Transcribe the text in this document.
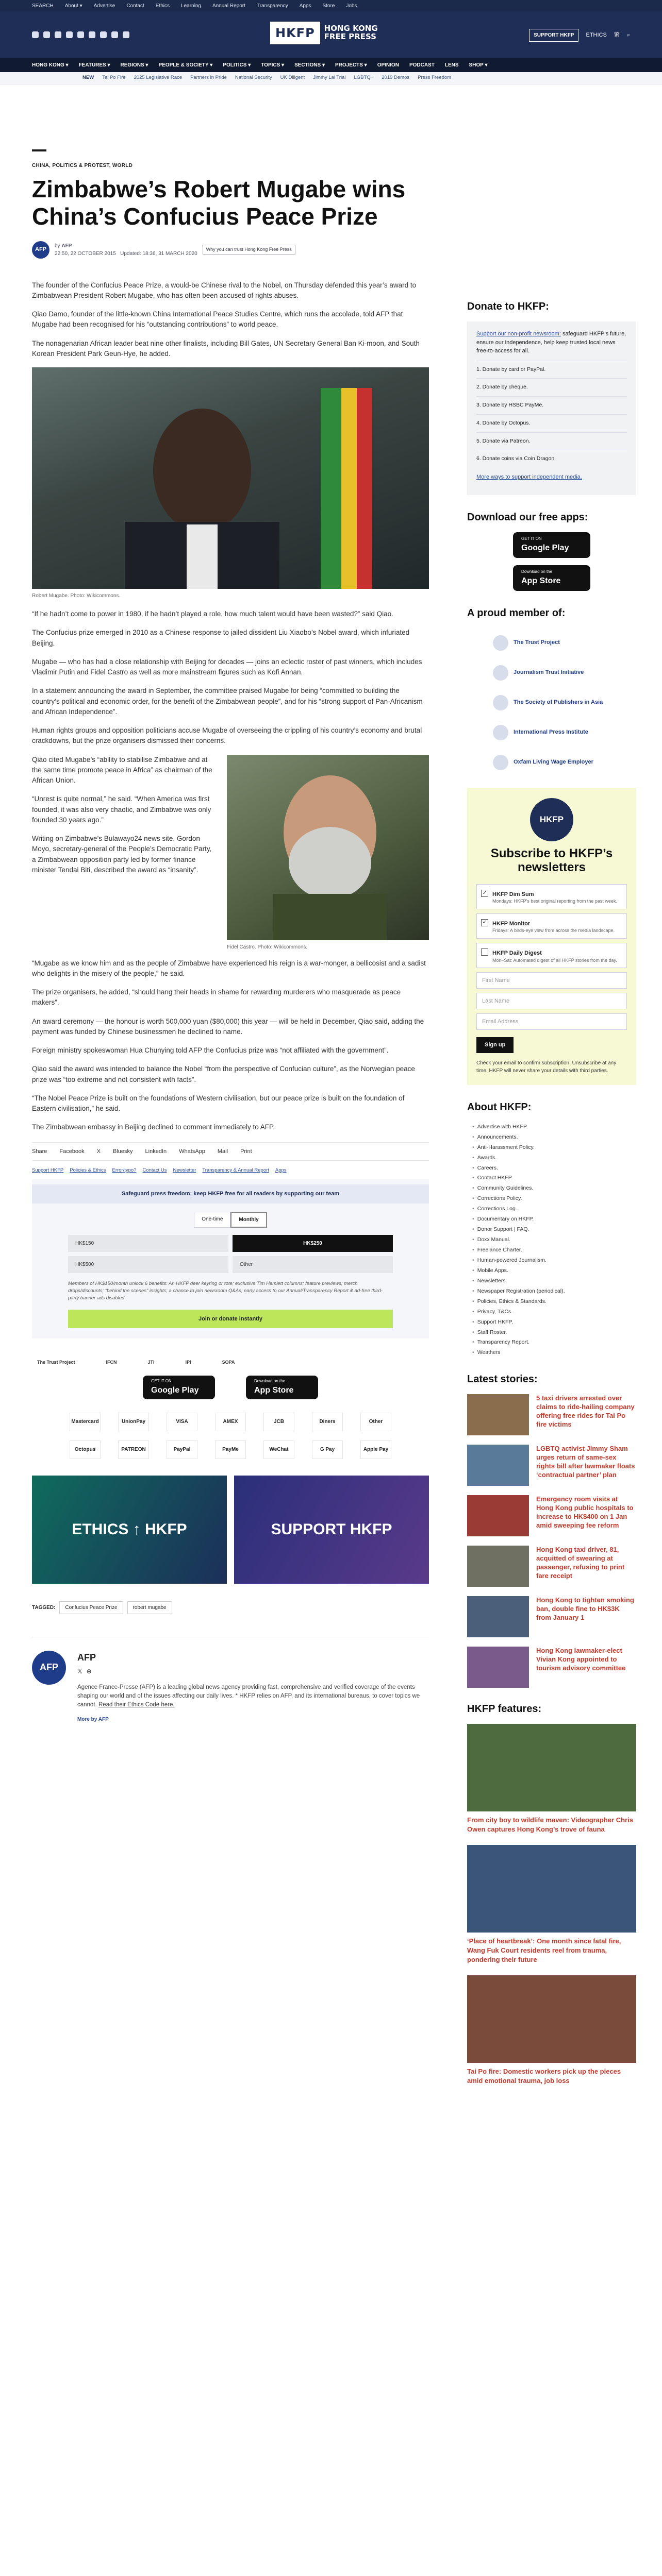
SEARCH About ▾ Advertise Contact Ethics Learning Annual Report Transparency Apps Store Jobs
HKFP	HONG KONG
FREE PRESS	SUPPORT HKFP	ETHICS 繁 ⌕
HONG KONG ▾ FEATURES ▾ REGIONS ▾ PEOPLE & SOCIETY ▾ POLITICS ▾ TOPICS ▾ SECTIONS ▾ PROJECTS ▾ OPINION PODCAST LENS SHOP ▾
NEW Tai Po Fire 2025 Legislative Race Partners in Pride National Security UK Diligent Jimmy Lai Trial LGBTQ+ 2019 Demos Press Freedom
CHINA, POLITICS & PROTEST, WORLD
Zimbabwe’s Robert Mugabe wins China’s Confucius Peace Prize
AFP
by AFP
22:50, 22 OCTOBER 2015 Updated: 18:36, 31 MARCH 2020
Why you can trust Hong Kong Free Press

The founder of the Confucius Peace Prize, a would-be Chinese rival to the Nobel, on Thursday defended this year’s award to Zimbabwean President Robert Mugabe, who has often been accused of rights abuses.

Qiao Damo, founder of the little-known China International Peace Studies Centre, which runs the accolade, told AFP that Mugabe had been recognised for his “outstanding contributions” to world peace.

The nonagenarian African leader beat nine other finalists, including Bill Gates, UN Secretary General Ban Ki-moon, and South Korean President Park Geun-Hye, he added.

Robert Mugabe. Photo: Wikicommons.

“If he hadn’t come to power in 1980, if he hadn’t played a role, how much talent would have been wasted?” said Qiao.

The Confucius prize emerged in 2010 as a Chinese response to jailed dissident Liu Xiaobo’s Nobel award, which infuriated Beijing.

Mugabe — who has had a close relationship with Beijing for decades — joins an eclectic roster of past winners, which includes Vladimir Putin and Fidel Castro as well as more mainstream figures such as Kofi Annan.

In a statement announcing the award in September, the committee praised Mugabe for being “committed to building the country’s political and economic order, for the benefit of the Zimbabwean people”, and for his “strong support of Pan-Africanism and African Independence”.

Human rights groups and opposition politicians accuse Mugabe of overseeing the crippling of his country’s economy and brutal crackdowns, but the prize organisers dismissed their concerns.

Fidel Castro. Photo: Wikicommons.

Qiao cited Mugabe’s “ability to stabilise Zimbabwe and at the same time promote peace in Africa” as chairman of the African Union.

“Unrest is quite normal,” he said. “When America was first founded, it was also very chaotic, and Zimbabwe was only founded 30 years ago.”

Writing on Zimbabwe’s Bulawayo24 news site, Gordon Moyo, secretary-general of the People’s Democratic Party, a Zimbabwean opposition party led by former finance minister Tendai Biti, described the award as “insanity”.

“Mugabe as we know him and as the people of Zimbabwe have experienced his reign is a war-monger, a bellicosist and a sadist who delights in the misery of the people,” he said.

The prize organisers, he added, “should hang their heads in shame for rewarding murderers who masquerade as peace makers”.

An award ceremony — the honour is worth 500,000 yuan ($80,000) this year — will be held in December, Qiao said, adding the payment was funded by Chinese businessmen he declined to name.

Foreign ministry spokeswoman Hua Chunying told AFP the Confucius prize was “not affiliated with the government”.

Qiao said the award was intended to balance the Nobel “from the perspective of Confucian culture”, as the Norwegian peace prize was “too extreme and not consistent with facts”.

“The Nobel Peace Prize is built on the foundations of Western civilisation, but our peace prize is built on the foundation of Eastern civilisation,” he said.

The Zimbabwean embassy in Beijing declined to comment immediately to AFP.

Share Facebook X Bluesky LinkedIn WhatsApp Mail Print
Support HKFP Policies & Ethics Error/typo? Contact Us Newsletter Transparency & Annual Report Apps
Safeguard press freedom; keep HKFP free for all readers by supporting our team
One-time	Monthly
HK$150	HK$250
HK$500	Other
Members of HK$150/month unlock 6 benefits: An HKFP deer keyring or tote; exclusive Tim Hamlett columns; feature previews; merch drops/discounts; “behind the scenes” insights; a chance to join newsroom Q&As; early access to our Annual/Transparency Report & ad-free third-party banner ads disabled.
Join or donate instantly
The Trust Project	IFCN	JTI	IPI	SOPA
GET IT ON
Google Play
Download on the
App Store
Mastercard	UnionPay	VISA	AMEX	JCB	Diners	Other
Octopus	PATREON	PayPal	PayMe	WeChat	G Pay	Apple Pay
ETHICS ↑ HKFP	SUPPORT HKFP
TAGGED:	Confucius Peace Prize	robert mugabe
AFP
AFP
𝕏 ⊕

Agence France-Presse (AFP) is a leading global news agency providing fast, comprehensive and verified coverage of the events shaping our world and of the issues affecting our daily lives. * HKFP relies on AFP, and its international bureaus, to cover topics we cannot. Read their Ethics Code here.

More by AFP
Donate to HKFP:

Support our non-profit newsroom: safeguard HKFP’s future, ensure our independence, help keep trusted local news free-to-access for all.

1. Donate by card or PayPal.
2. Donate by cheque.
3. Donate by HSBC PayMe.
4. Donate by Octopus.
5. Donate via Patreon.
6. Donate coins via Coin Dragon.

More ways to support independent media.

Download our free apps:
GET IT ON
Google Play
Download on the
App Store
A proud member of:
The Trust Project
Journalism Trust Initiative
The Society of Publishers in Asia
International Press Institute
Oxfam Living Wage Employer
HKFP
Subscribe to HKFP’s newsletters
✓ HKFP Dim Sum
Mondays: HKFP’s best original reporting from the past week.
✓ HKFP Monitor
Fridays: A birds-eye view from across the media landscape.
HKFP Daily Digest
Mon–Sat: Automated digest of all HKFP stories from the day.
First Name
Last Name
Email Address
Sign up
Check your email to confirm subscription. Unsubscribe at any time. HKFP will never share your details with third parties.
About HKFP:
• Advertise with HKFP.
• Announcements.
• Anti-Harassment Policy.
• Awards.
• Careers.
• Contact HKFP.
• Community Guidelines.
• Corrections Policy.
• Corrections Log.
• Documentary on HKFP.
• Donor Support | FAQ.
• Doxx Manual.
• Freelance Charter.
• Human-powered Journalism.
• Mobile Apps.
• Newsletters.
• Newspaper Registration (periodical).
• Policies, Ethics & Standards.
• Privacy, T&Cs.
• Support HKFP.
• Staff Roster.
• Transparency Report.
• Weathers
Latest stories:
5 taxi drivers arrested over claims to ride-hailing company offering free rides for Tai Po fire victims
LGBTQ activist Jimmy Sham urges return of same-sex rights bill after lawmaker floats ‘contractual partner’ plan
Emergency room visits at Hong Kong public hospitals to increase to HK$400 on 1 Jan amid sweeping fee reform
Hong Kong taxi driver, 81, acquitted of swearing at passenger, refusing to print fare receipt
Hong Kong to tighten smoking ban, double fine to HK$3K from January 1
Hong Kong lawmaker-elect Vivian Kong appointed to tourism advisory committee
HKFP features:
From city boy to wildlife maven: Videographer Chris Owen captures Hong Kong’s trove of fauna
‘Place of heartbreak’: One month since fatal fire, Wang Fuk Court residents reel from trauma, pondering their future
Tai Po fire: Domestic workers pick up the pieces amid emotional trauma, job loss
